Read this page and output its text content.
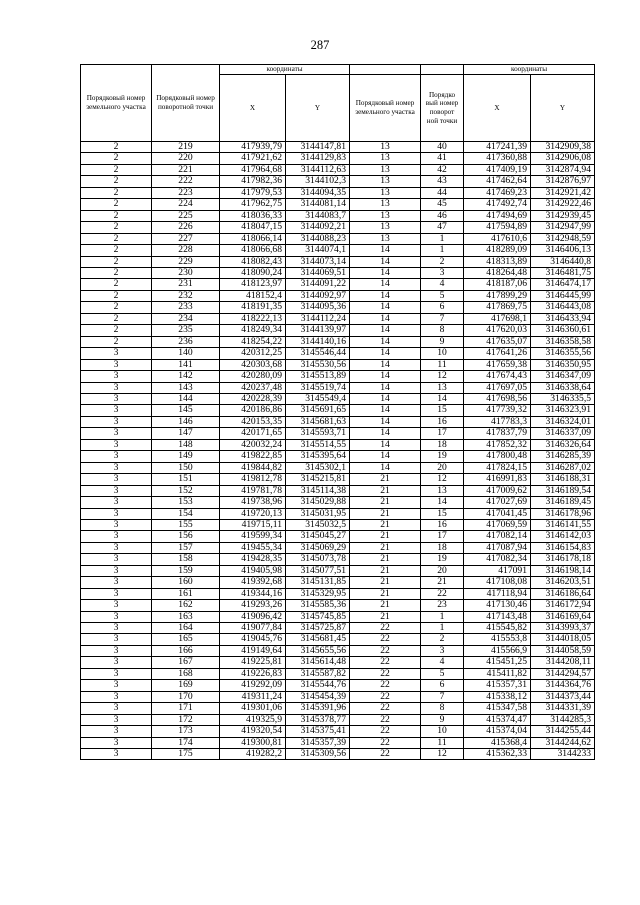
287
Порядковый номер земельного участка	Порядковый номер поворотной точки	координаты				координаты	
		X	Y	Порядковый номер земельного участка	Порядко вый номер поворот ной точки	X	Y
2	219	417939,79	3144147,81	13	40	417241,39	3142909,38
2	220	417921,62	3144129,83	13	41	417360,88	3142906,08
2	221	417964,68	3144112,63	13	42	417409,19	3142874,94
2	222	417982,36	3144102,3	13	43	417462,64	3142876,97
2	223	417979,53	3144094,35	13	44	417469,23	3142921,42
2	224	417962,75	3144081,14	13	45	417492,74	3142922,46
2	225	418036,33	3144083,7	13	46	417494,69	3142939,45
2	226	418047,15	3144092,21	13	47	417594,89	3142947,99
2	227	418066,14	3144088,23	13	1	417610,6	3142948,59
2	228	418066,68	3144074,1	14	1	418289,09	3146406,13
2	229	418082,43	3144073,14	14	2	418313,89	3146440,8
2	230	418090,24	3144069,51	14	3	418264,48	3146481,75
2	231	418123,97	3144091,22	14	4	418187,06	3146474,17
2	232	418152,4	3144092,97	14	5	417899,29	3146445,99
2	233	418191,35	3144095,36	14	6	417869,75	3146443,08
2	234	418222,13	3144112,24	14	7	417698,1	3146433,94
2	235	418249,34	3144139,97	14	8	417620,03	3146360,61
2	236	418254,22	3144140,16	14	9	417635,07	3146358,58
3	140	420312,25	3145546,44	14	10	417641,26	3146355,56
3	141	420303,68	3145530,56	14	11	417659,38	3146350,95
3	142	420280,09	3145513,89	14	12	417674,43	3146347,09
3	143	420237,48	3145519,74	14	13	417697,05	3146338,64
3	144	420228,39	3145549,4	14	14	417698,56	3146335,5
3	145	420186,86	3145691,65	14	15	417739,32	3146323,91
3	146	420153,35	3145681,63	14	16	417783,3	3146324,01
3	147	420171,65	3145593,71	14	17	417837,79	3146337,09
3	148	420032,24	3145514,55	14	18	417852,32	3146326,64
3	149	419822,85	3145395,64	14	19	417800,48	3146285,39
3	150	419844,82	3145302,1	14	20	417824,15	3146287,02
3	151	419812,78	3145215,81	21	12	416991,83	3146188,31
3	152	419781,78	3145114,38	21	13	417009,62	3146189,54
3	153	419738,96	3145029,88	21	14	417027,69	3146189,45
3	154	419720,13	3145031,95	21	15	417041,45	3146178,96
3	155	419715,11	3145032,5	21	16	417069,59	3146141,55
3	156	419599,34	3145045,27	21	17	417082,14	3146142,03
3	157	419455,34	3145069,29	21	18	417087,94	3146154,83
3	158	419428,35	3145073,78	21	19	417082,34	3146178,18
3	159	419405,98	3145077,51	21	20	417091	3146198,14
3	160	419392,68	3145131,85	21	21	417108,08	3146203,51
3	161	419344,16	3145329,95	21	22	417118,94	3146186,64
3	162	419293,26	3145585,36	21	23	417130,46	3146172,94
3	163	419096,42	3145745,85	21	1	417143,48	3146169,64
3	164	419077,84	3145725,87	22	1	415545,82	3143993,37
3	165	419045,76	3145681,45	22	2	415553,8	3144018,05
3	166	419149,64	3145655,56	22	3	415566,9	3144058,59
3	167	419225,81	3145614,48	22	4	415451,25	3144208,11
3	168	419226,83	3145587,82	22	5	415411,82	3144294,57
3	169	419292,09	3145544,76	22	6	415357,31	3144364,76
3	170	419311,24	3145454,39	22	7	415338,12	3144373,44
3	171	419301,06	3145391,96	22	8	415347,58	3144331,39
3	172	419325,9	3145378,77	22	9	415374,47	3144285,3
3	173	419320,54	3145375,41	22	10	415374,04	3144255,44
3	174	419300,81	3145357,39	22	11	415368,4	3144244,62
3	175	419282,2	3145309,56	22	12	415362,33	3144233
